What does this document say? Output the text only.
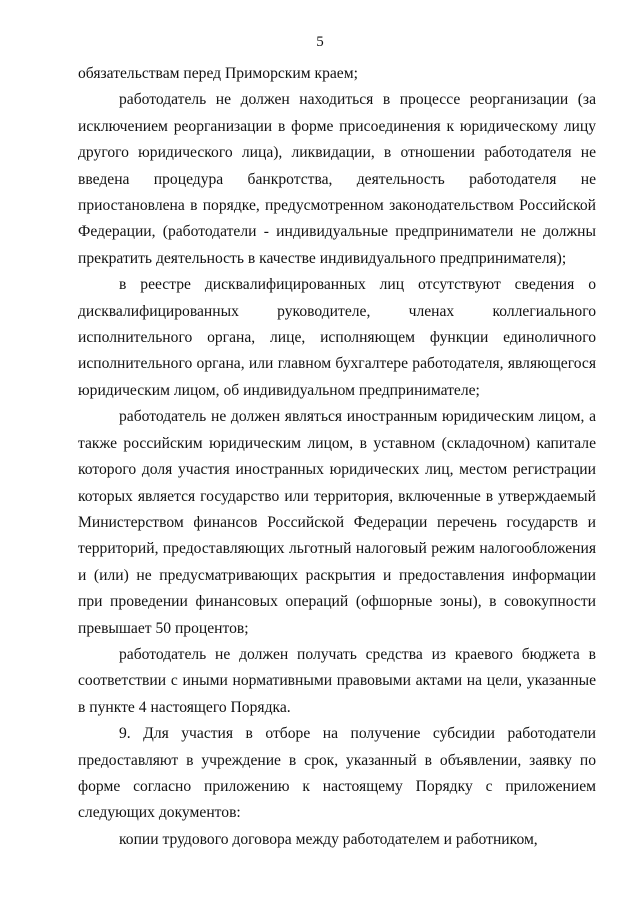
5

обязательствам перед Приморским краем;

работодатель не должен находиться в процессе реорганизации (за исключением реорганизации в форме присоединения к юридическому лицу другого юридического лица), ликвидации, в отношении работодателя не введена процедура банкротства, деятельность работодателя не приостановлена в порядке, предусмотренном законодательством Российской Федерации, (работодатели - индивидуальные предприниматели не должны прекратить деятельность в качестве индивидуального предпринимателя);

в реестре дисквалифицированных лиц отсутствуют сведения о дисквалифицированных руководителе, членах коллегиального исполнительного органа, лице, исполняющем функции единоличного исполнительного органа, или главном бухгалтере работодателя, являющегося юридическим лицом, об индивидуальном предпринимателе;

работодатель не должен являться иностранным юридическим лицом, а также российским юридическим лицом, в уставном (складочном) капитале которого доля участия иностранных юридических лиц, местом регистрации которых является государство или территория, включенные в утверждаемый Министерством финансов Российской Федерации перечень государств и территорий, предоставляющих льготный налоговый режим налогообложения и (или) не предусматривающих раскрытия и предоставления информации при проведении финансовых операций (офшорные зоны), в совокупности превышает 50 процентов;

работодатель не должен получать средства из краевого бюджета в соответствии с иными нормативными правовыми актами на цели, указанные в пункте 4 настоящего Порядка.

9. Для участия в отборе на получение субсидии работодатели предоставляют в учреждение в срок, указанный в объявлении, заявку по форме согласно приложению к настоящему Порядку с приложением следующих документов:

копии трудового договора между работодателем и работником,
